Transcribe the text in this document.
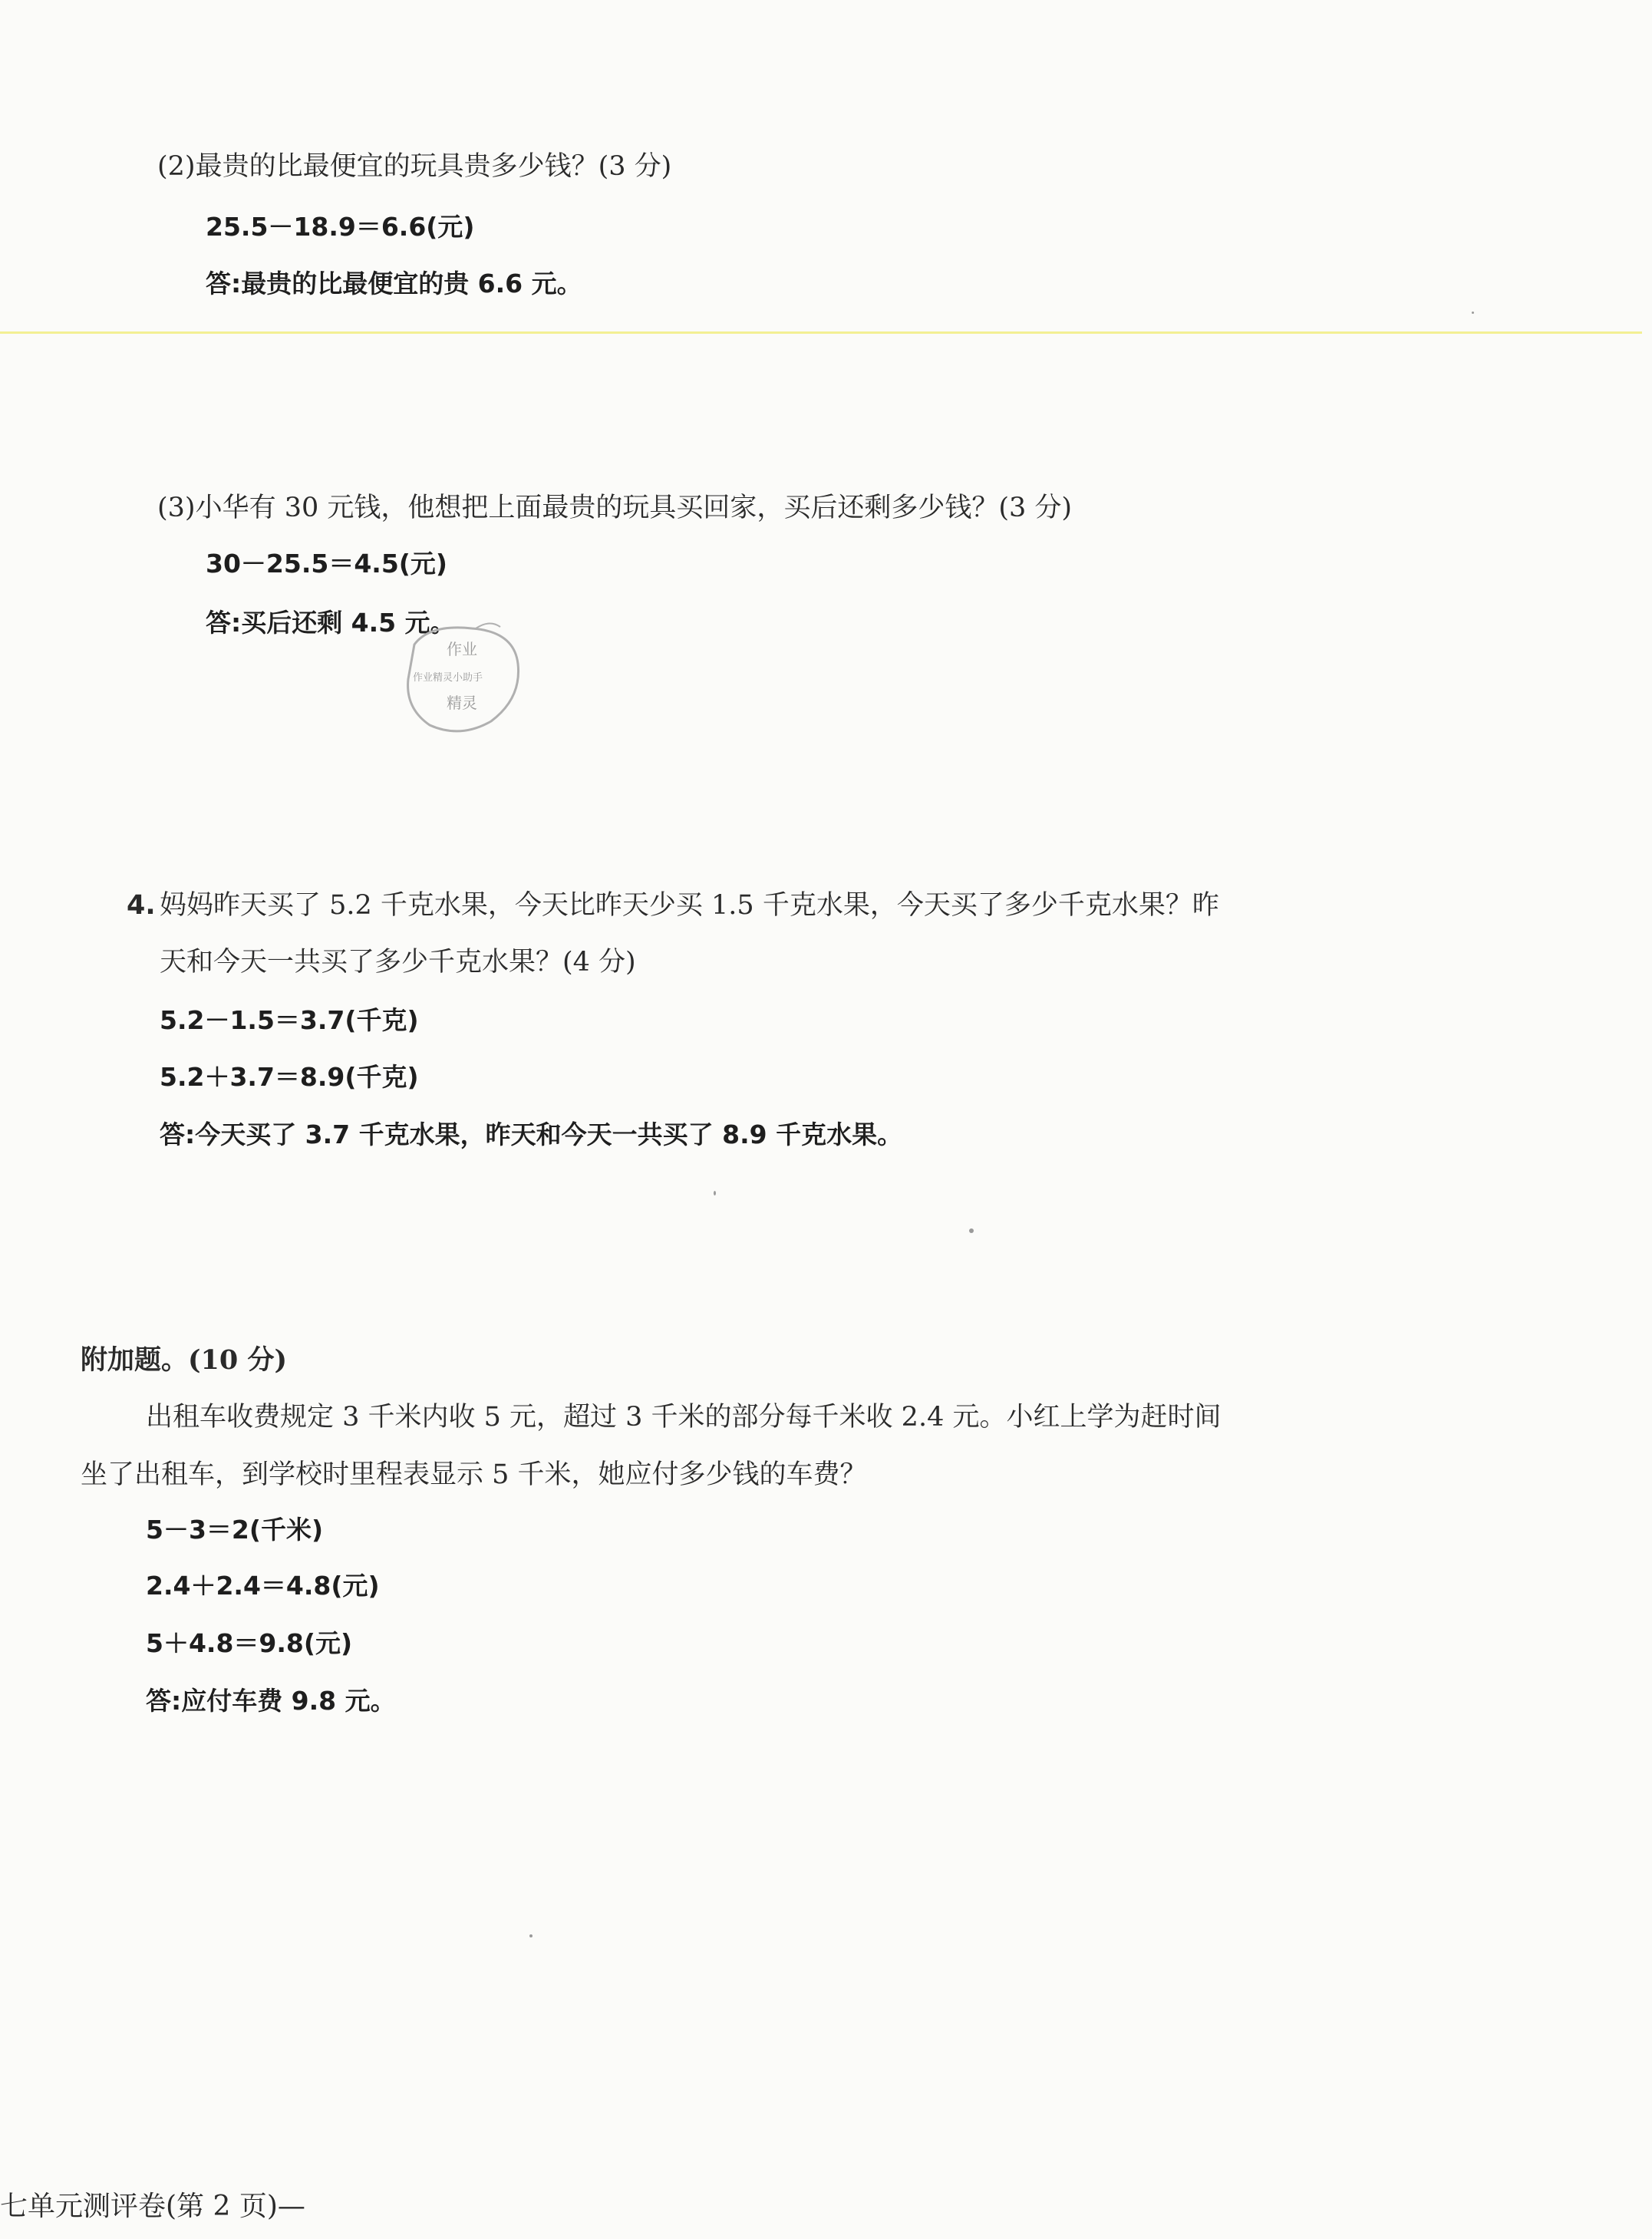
(2)最贵的比最便宜的玩具贵多少钱？(3 分)
25.5－18.9＝6.6(元)
答:最贵的比最便宜的贵 6.6 元。
(3)小华有 30 元钱，他想把上面最贵的玩具买回家，买后还剩多少钱？(3 分)
30－25.5＝4.5(元)
答:买后还剩 4.5 元。
作业
作业精灵小助手
精灵
4. 妈妈昨天买了 5.2 千克水果，今天比昨天少买 1.5 千克水果，今天买了多少千克水果？昨
天和今天一共买了多少千克水果？(4 分)
5.2－1.5＝3.7(千克)
5.2＋3.7＝8.9(千克)
答:今天买了 3.7 千克水果，昨天和今天一共买了 8.9 千克水果。
附加题。(10 分)
出租车收费规定 3 千米内收 5 元，超过 3 千米的部分每千米收 2.4 元。小红上学为赶时间
坐了出租车，到学校时里程表显示 5 千米，她应付多少钱的车费？
5－3＝2(千米)
2.4＋2.4＝4.8(元)
5＋4.8＝9.8(元)
答:应付车费 9.8 元。
七单元测评卷(第 2 页)—
